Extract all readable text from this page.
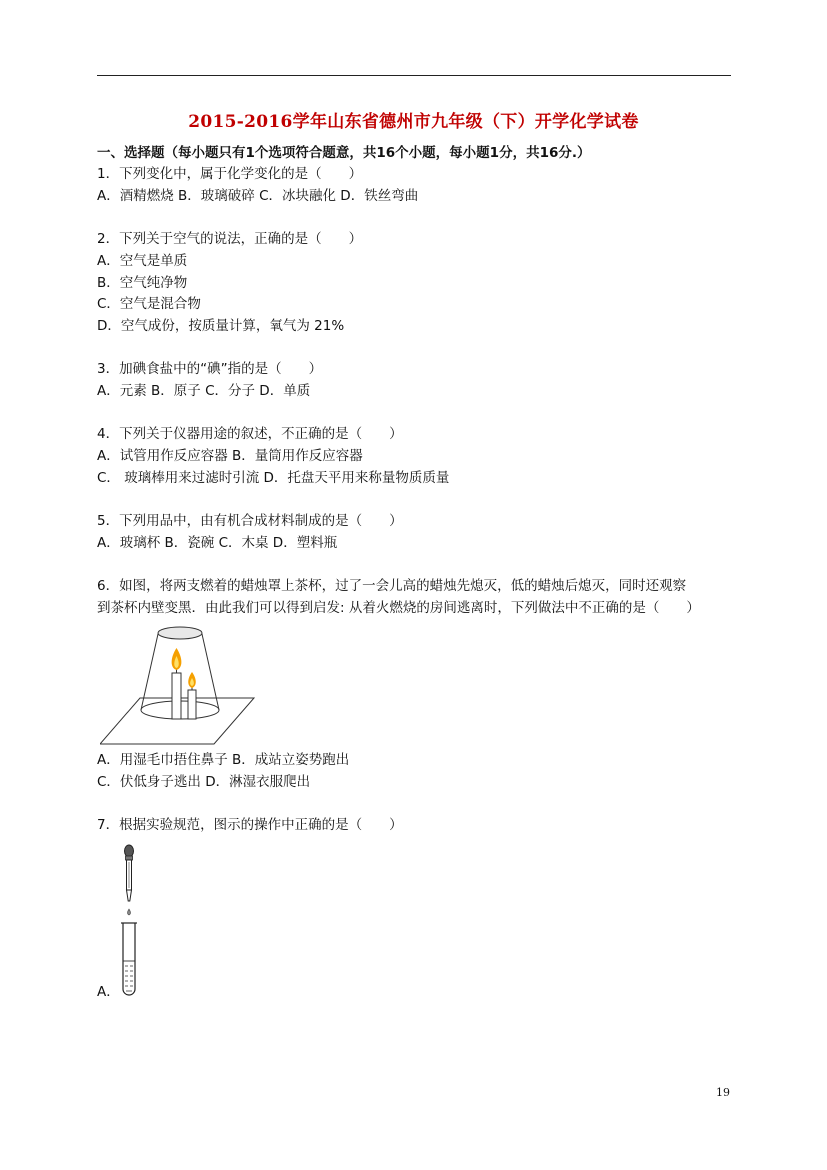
2015-2016学年山东省德州市九年级（下）开学化学试卷
一、选择题（每小题只有1个选项符合题意，共16个小题，每小题1分，共16分.）
1．下列变化中，属于化学变化的是（　　）
A．酒精燃烧 B．玻璃破碎 C．冰块融化 D．铁丝弯曲
2．下列关于空气的说法，正确的是（　　）
A．空气是单质
B．空气纯净物
C．空气是混合物
D．空气成份，按质量计算，氧气为 21%
3．加碘食盐中的“碘”指的是（　　）
A．元素 B．原子 C．分子 D．单质
4．下列关于仪器用途的叙述，不正确的是（　　）
A．试管用作反应容器 B．量筒用作反应容器
C． 玻璃棒用来过滤时引流 D．托盘天平用来称量物质质量
5．下列用品中，由有机合成材料制成的是（　　）
A．玻璃杯 B．瓷碗 C．木桌 D．塑料瓶
6．如图，将两支燃着的蜡烛罩上茶杯，过了一会儿高的蜡烛先熄灭，低的蜡烛后熄灭，同时还观察
到茶杯内壁变黑．由此我们可以得到启发: 从着火燃烧的房间逃离时，下列做法中不正确的是（　　）
A．用湿毛巾捂住鼻子 B．成站立姿势跑出
C．伏低身子逃出 D．淋湿衣服爬出
7．根据实验规范，图示的操作中正确的是（　　）
A．
19
